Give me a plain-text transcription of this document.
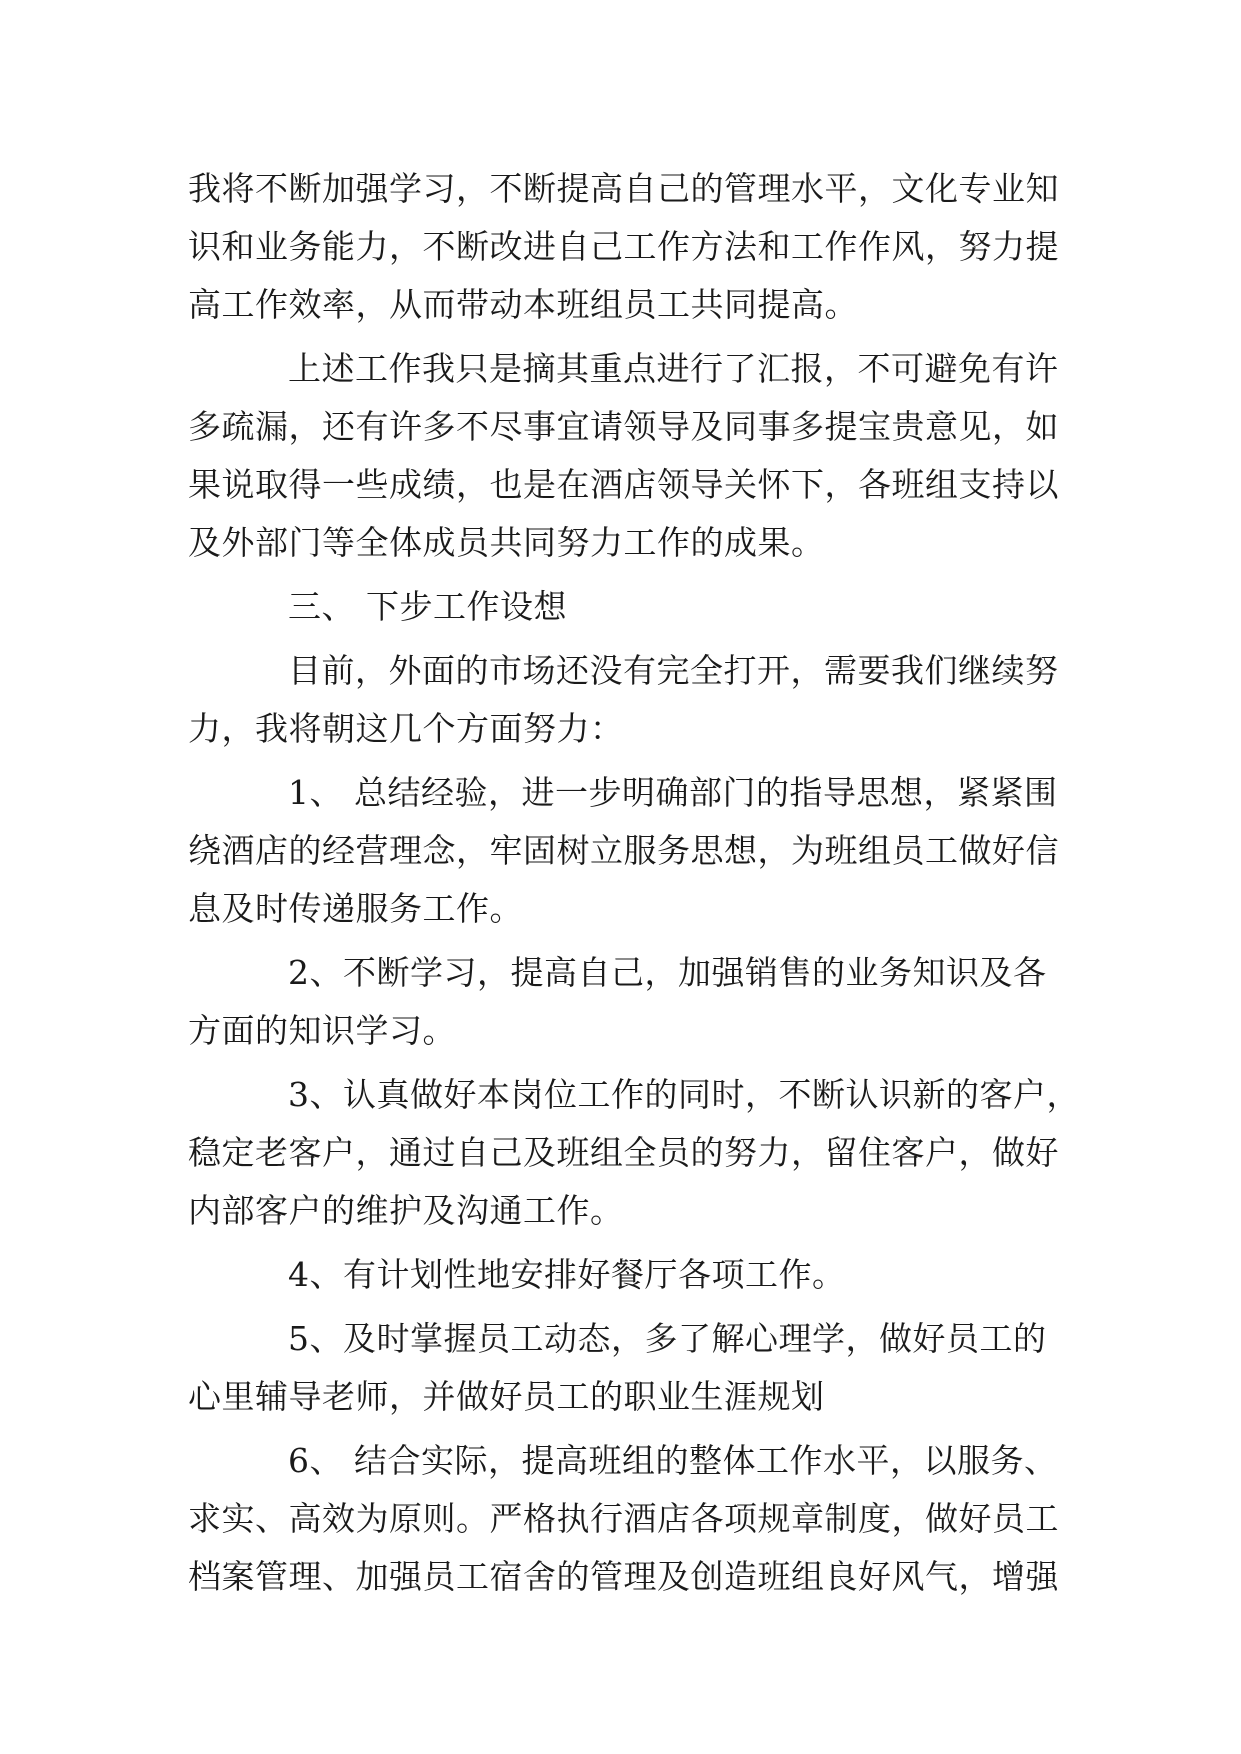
我将不断加强学习，不断提高自己的管理水平，文化专业知
识和业务能力，不断改进自己工作方法和工作作风，努力提
高工作效率，从而带动本班组员工共同提高。
上述工作我只是摘其重点进行了汇报，不可避免有许
多疏漏，还有许多不尽事宜请领导及同事多提宝贵意见，如
果说取得一些成绩，也是在酒店领导关怀下，各班组支持以
及外部门等全体成员共同努力工作的成果。
三、 下步工作设想
目前，外面的市场还没有完全打开，需要我们继续努
力，我将朝这几个方面努力：
1、 总结经验，进一步明确部门的指导思想，紧紧围
绕酒店的经营理念，牢固树立服务思想，为班组员工做好信
息及时传递服务工作。
2、不断学习，提高自己，加强销售的业务知识及各
方面的知识学习。
3、认真做好本岗位工作的同时，不断认识新的客户，
稳定老客户，通过自己及班组全员的努力，留住客户，做好
内部客户的维护及沟通工作。
4、有计划性地安排好餐厅各项工作。
5、及时掌握员工动态，多了解心理学，做好员工的
心里辅导老师，并做好员工的职业生涯规划
6、 结合实际，提高班组的整体工作水平，以服务、
求实、高效为原则。严格执行酒店各项规章制度，做好员工
档案管理、加强员工宿舍的管理及创造班组良好风气，增强
